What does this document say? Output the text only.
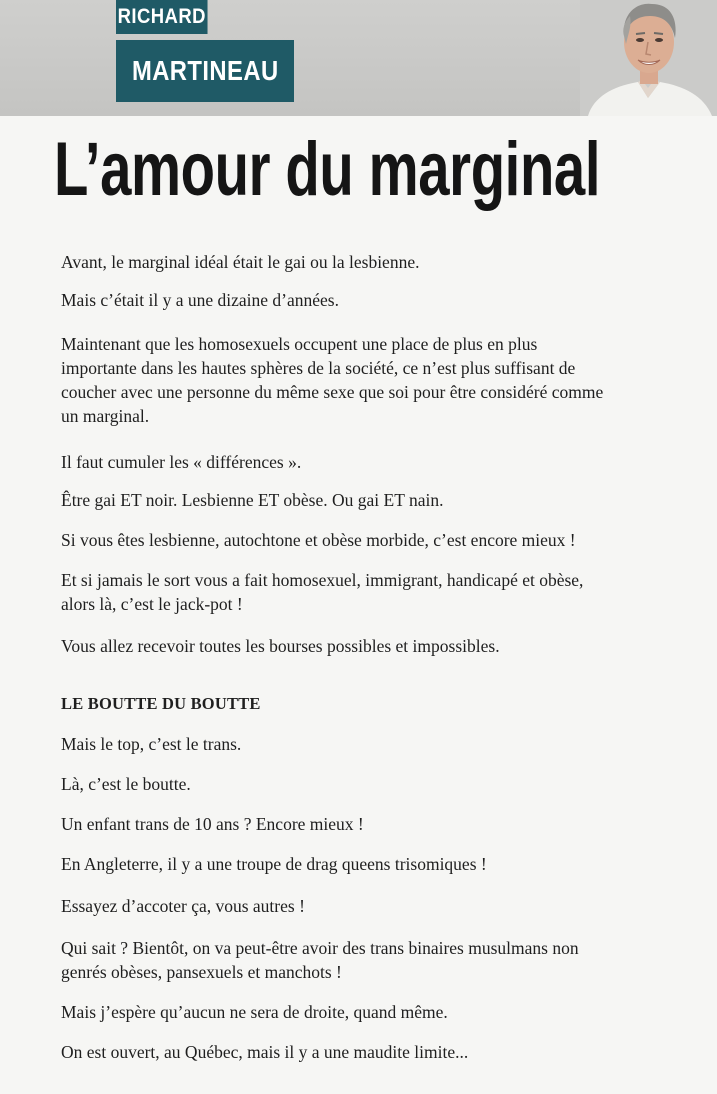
RICHARD
MARTINEAU
L’amour du marginal

Avant, le marginal idéal était le gai ou la lesbienne.

Mais c’était il y a une dizaine d’années.

Maintenant que les homosexuels occupent une place de plus en plus

importante dans les hautes sphères de la société, ce n’est plus suffisant de

coucher avec une personne du même sexe que soi pour être considéré comme

un marginal.

Il faut cumuler les « différences ».

Être gai ET noir. Lesbienne ET obèse. Ou gai ET nain.

Si vous êtes lesbienne, autochtone et obèse morbide, c’est encore mieux !

Et si jamais le sort vous a fait homosexuel, immigrant, handicapé et obèse,

alors là, c’est le jack-pot !

Vous allez recevoir toutes les bourses possibles et impossibles.

LE BOUTTE DU BOUTTE

Mais le top, c’est le trans.

Là, c’est le boutte.

Un enfant trans de 10 ans ? Encore mieux !

En Angleterre, il y a une troupe de drag queens trisomiques !

Essayez d’accoter ça, vous autres !

Qui sait ? Bientôt, on va peut-être avoir des trans binaires musulmans non

genrés obèses, pansexuels et manchots !

Mais j’espère qu’aucun ne sera de droite, quand même.

On est ouvert, au Québec, mais il y a une maudite limite...
